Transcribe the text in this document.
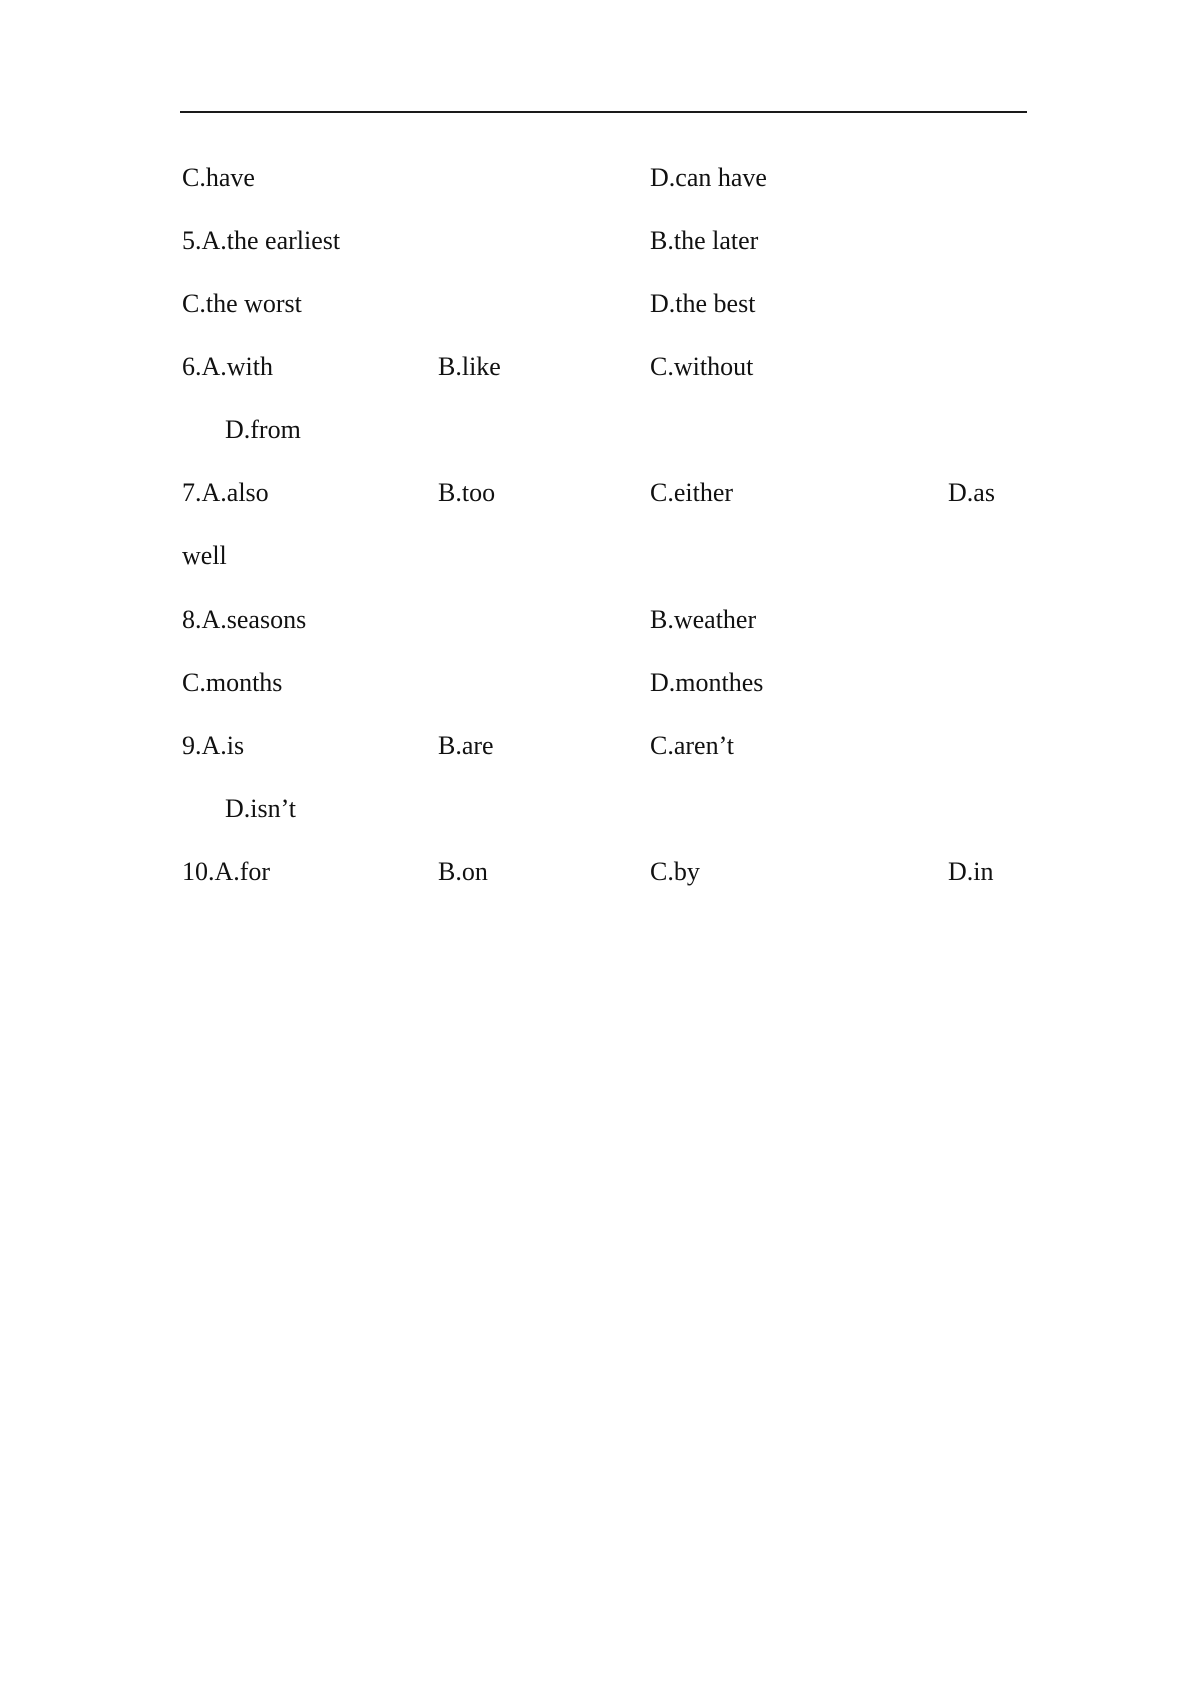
C.have	D.can have
5.A.the earliest	B.the later
C.the worst	D.the best
6.A.with	B.like	C.without
D.from
7.A.also	B.too	C.either	D.as
well
8.A.seasons	B.weather
C.months	D.monthes
9.A.is	B.are	C.aren’t
D.isn’t
10.A.for	B.on	C.by	D.in
